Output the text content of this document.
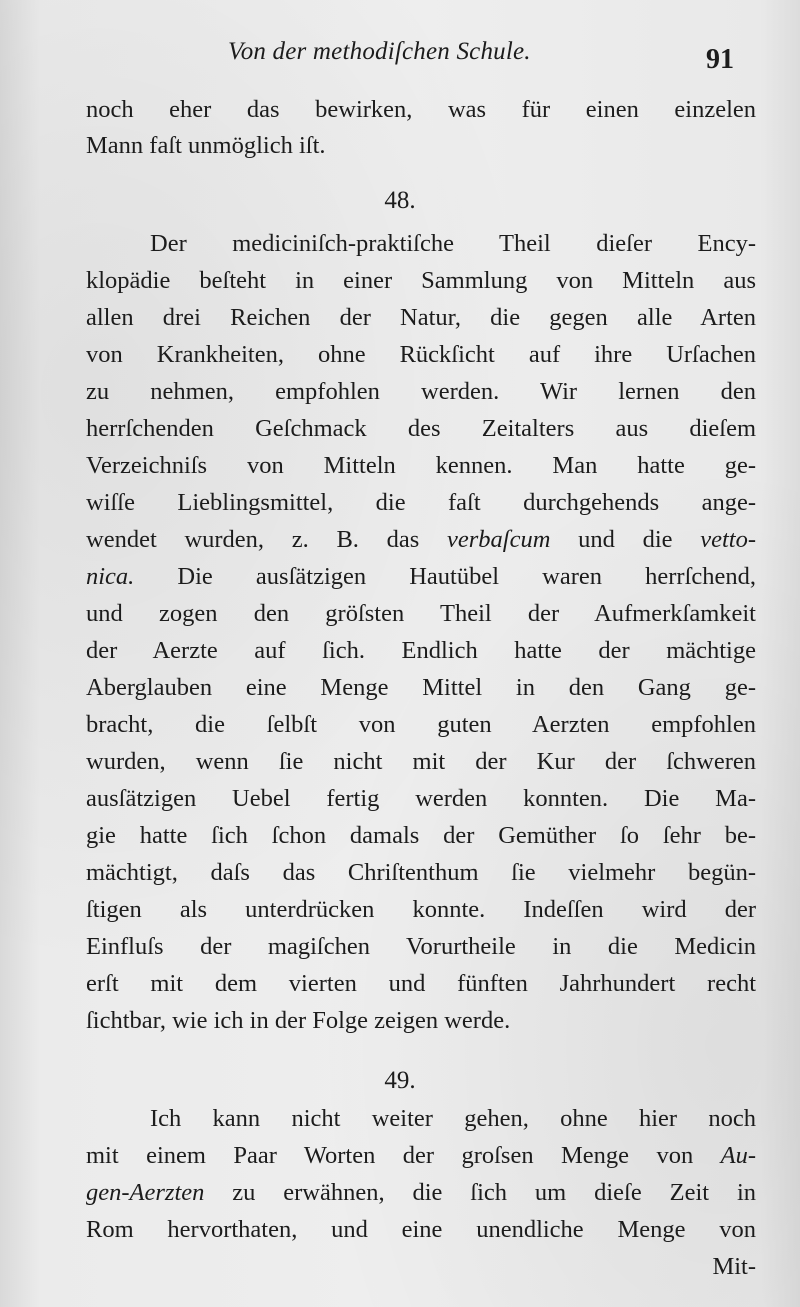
Von der methodiſchen Schule.	91
noch eher das bewirken, was für einen einzelen
Mann faſt unmöglich iſt.
48.
Der mediciniſch-praktiſche Theil dieſer Ency-
klopädie beſteht in einer Sammlung von Mitteln aus
allen drei Reichen der Natur, die gegen alle Arten
von Krankheiten, ohne Rückſicht auf ihre Urſachen
zu nehmen, empfohlen werden. Wir lernen den
herrſchenden Geſchmack des Zeitalters aus dieſem
Verzeichniſs von Mitteln kennen. Man hatte ge-
wiſſe Lieblingsmittel, die faſt durchgehends ange-
wendet wurden, z. B. das verbaſcum und die vetto-
nica. Die ausſätzigen Hautübel waren herrſchend,
und zogen den gröſsten Theil der Aufmerkſamkeit
der Aerzte auf ſich. Endlich hatte der mächtige
Aberglauben eine Menge Mittel in den Gang ge-
bracht, die ſelbſt von guten Aerzten empfohlen
wurden, wenn ſie nicht mit der Kur der ſchweren
ausſätzigen Uebel fertig werden konnten. Die Ma-
gie hatte ſich ſchon damals der Gemüther ſo ſehr be-
mächtigt, daſs das Chriſtenthum ſie vielmehr begün-
ſtigen als unterdrücken konnte. Indeſſen wird der
Einfluſs der magiſchen Vorurtheile in die Medicin
erſt mit dem vierten und fünften Jahrhundert recht
ſichtbar, wie ich in der Folge zeigen werde.
49.
Ich kann nicht weiter gehen, ohne hier noch
mit einem Paar Worten der groſsen Menge von Au-
gen-Aerzten zu erwähnen, die ſich um dieſe Zeit in
Rom hervorthaten, und eine unendliche Menge von
Mit-
